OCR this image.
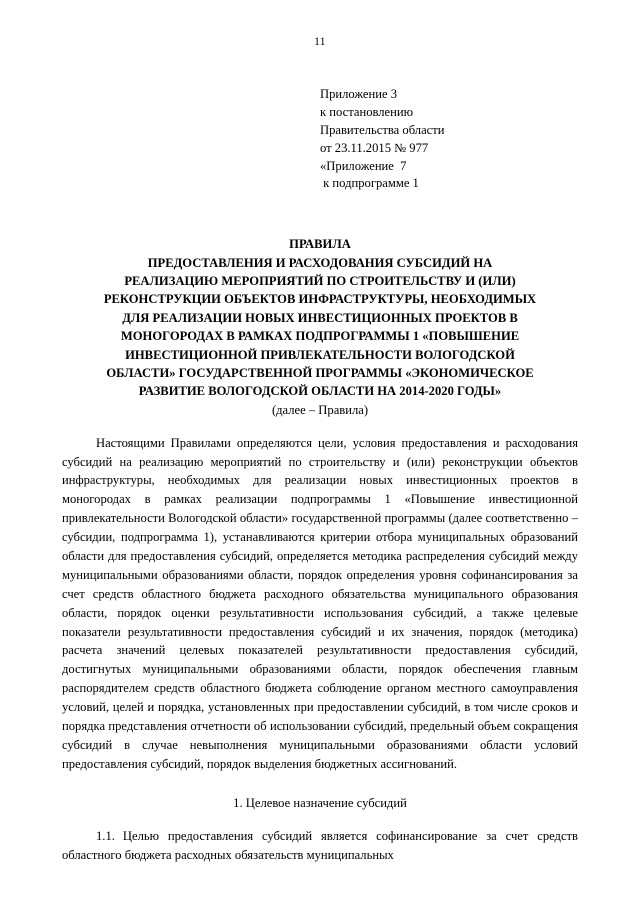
11
Приложение 3
к постановлению
Правительства области
от 23.11.2015 № 977
«Приложение  7
к подпрограмме 1
ПРАВИЛА
ПРЕДОСТАВЛЕНИЯ И РАСХОДОВАНИЯ СУБСИДИЙ НА
РЕАЛИЗАЦИЮ МЕРОПРИЯТИЙ ПО СТРОИТЕЛЬСТВУ И (ИЛИ)
РЕКОНСТРУКЦИИ ОБЪЕКТОВ ИНФРАСТРУКТУРЫ, НЕОБХОДИМЫХ
ДЛЯ РЕАЛИЗАЦИИ НОВЫХ ИНВЕСТИЦИОННЫХ ПРОЕКТОВ В
МОНОГОРОДАХ В РАМКАХ ПОДПРОГРАММЫ 1 «ПОВЫШЕНИЕ
ИНВЕСТИЦИОННОЙ ПРИВЛЕКАТЕЛЬНОСТИ ВОЛОГОДСКОЙ
ОБЛАСТИ» ГОСУДАРСТВЕННОЙ ПРОГРАММЫ «ЭКОНОМИЧЕСКОЕ
РАЗВИТИЕ ВОЛОГОДСКОЙ ОБЛАСТИ НА 2014-2020 ГОДЫ»
(далее – Правила)

Настоящими Правилами определяются цели, условия предоставления и расходования субсидий на реализацию мероприятий по строительству и (или) реконструкции объектов инфраструктуры, необходимых для реализации новых инвестиционных проектов в моногородах в рамках реализации подпрограммы 1 «Повышение инвестиционной привлекательности Вологодской области» государственной программы (далее соответственно – субсидии, подпрограмма 1), устанавливаются критерии отбора муниципальных образований области для предоставления субсидий, определяется методика распределения субсидий между муниципальными образованиями области, порядок определения уровня софинансирования за счет средств областного бюджета расходного обязательства муниципального образования области, порядок оценки результативности использования субсидий, а также целевые показатели результативности предоставления субсидий и их значения, порядок (методика) расчета значений целевых показателей результативности предоставления субсидий, достигнутых муниципальными образованиями области, порядок обеспечения главным распорядителем средств областного бюджета соблюдение органом местного самоуправления условий, целей и порядка, установленных при предоставлении субсидий, в том числе сроков и порядка представления отчетности об использовании субсидий, предельный объем сокращения субсидий в случае невыполнения муниципальными образованиями области условий предоставления субсидий, порядок выделения бюджетных ассигнований.

1. Целевое назначение субсидий

1.1. Целью предоставления субсидий является софинансирование за счет средств областного бюджета расходных обязательств муниципальных
